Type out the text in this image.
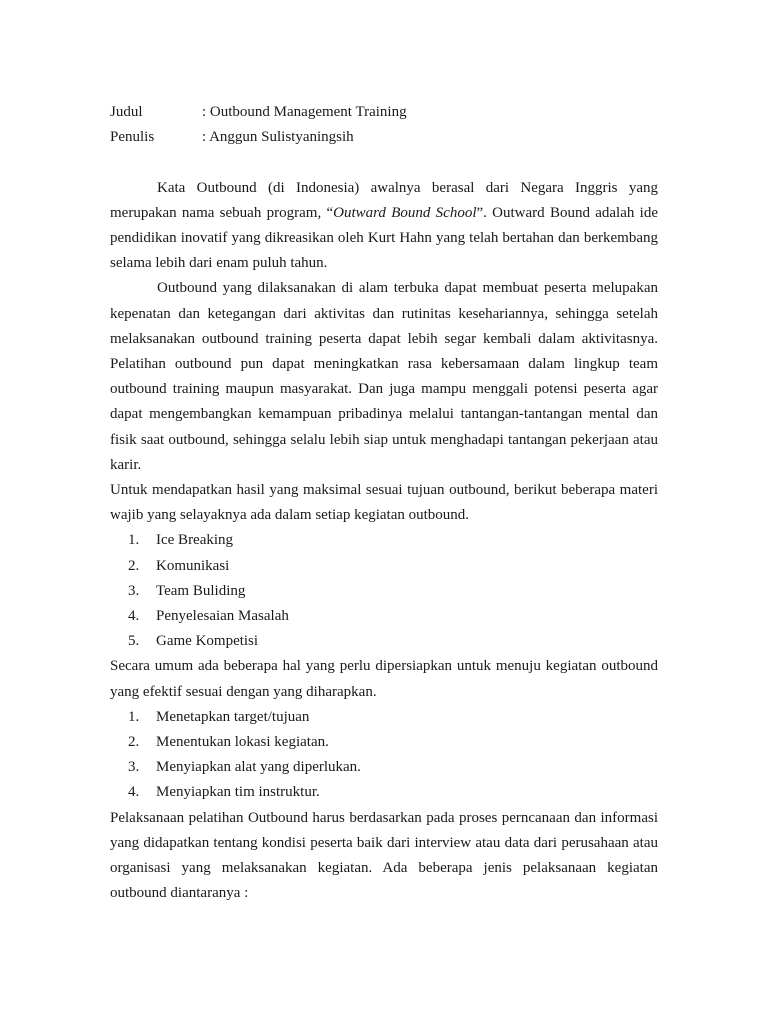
Judul	: Outbound Management Training
Penulis	: Anggun Sulistyaningsih

Kata Outbound (di Indonesia) awalnya berasal dari Negara Inggris yang merupakan nama sebuah program, “Outward Bound School”. Outward Bound adalah ide pendidikan inovatif yang dikreasikan oleh Kurt Hahn yang telah bertahan dan berkembang selama lebih dari enam puluh tahun.

Outbound yang dilaksanakan di alam terbuka dapat membuat peserta melupakan kepenatan dan ketegangan dari aktivitas dan rutinitas kesehariannya, sehingga setelah melaksanakan outbound training peserta dapat lebih segar kembali dalam aktivitasnya. Pelatihan outbound pun dapat meningkatkan rasa kebersamaan dalam lingkup team outbound training maupun masyarakat. Dan juga mampu menggali potensi peserta agar dapat mengembangkan kemampuan pribadinya melalui tantangan-tantangan mental dan fisik saat outbound, sehingga selalu lebih siap untuk menghadapi tantangan pekerjaan atau karir.

Untuk mendapatkan hasil yang maksimal sesuai tujuan outbound, berikut beberapa materi wajib yang selayaknya ada dalam setiap kegiatan outbound.

1.	Ice Breaking
2.	Komunikasi
3.	Team Buliding
4.	Penyelesaian Masalah
5.	Game Kompetisi

Secara umum ada beberapa hal yang perlu dipersiapkan untuk menuju kegiatan outbound yang efektif sesuai dengan yang diharapkan.

1.	Menetapkan target/tujuan
2.	Menentukan lokasi kegiatan.
3.	Menyiapkan alat yang diperlukan.
4.	Menyiapkan tim instruktur.

Pelaksanaan pelatihan Outbound harus berdasarkan pada proses perncanaan dan informasi yang didapatkan tentang kondisi peserta baik dari interview atau data dari perusahaan atau organisasi yang melaksanakan kegiatan. Ada beberapa jenis pelaksanaan kegiatan outbound diantaranya :
